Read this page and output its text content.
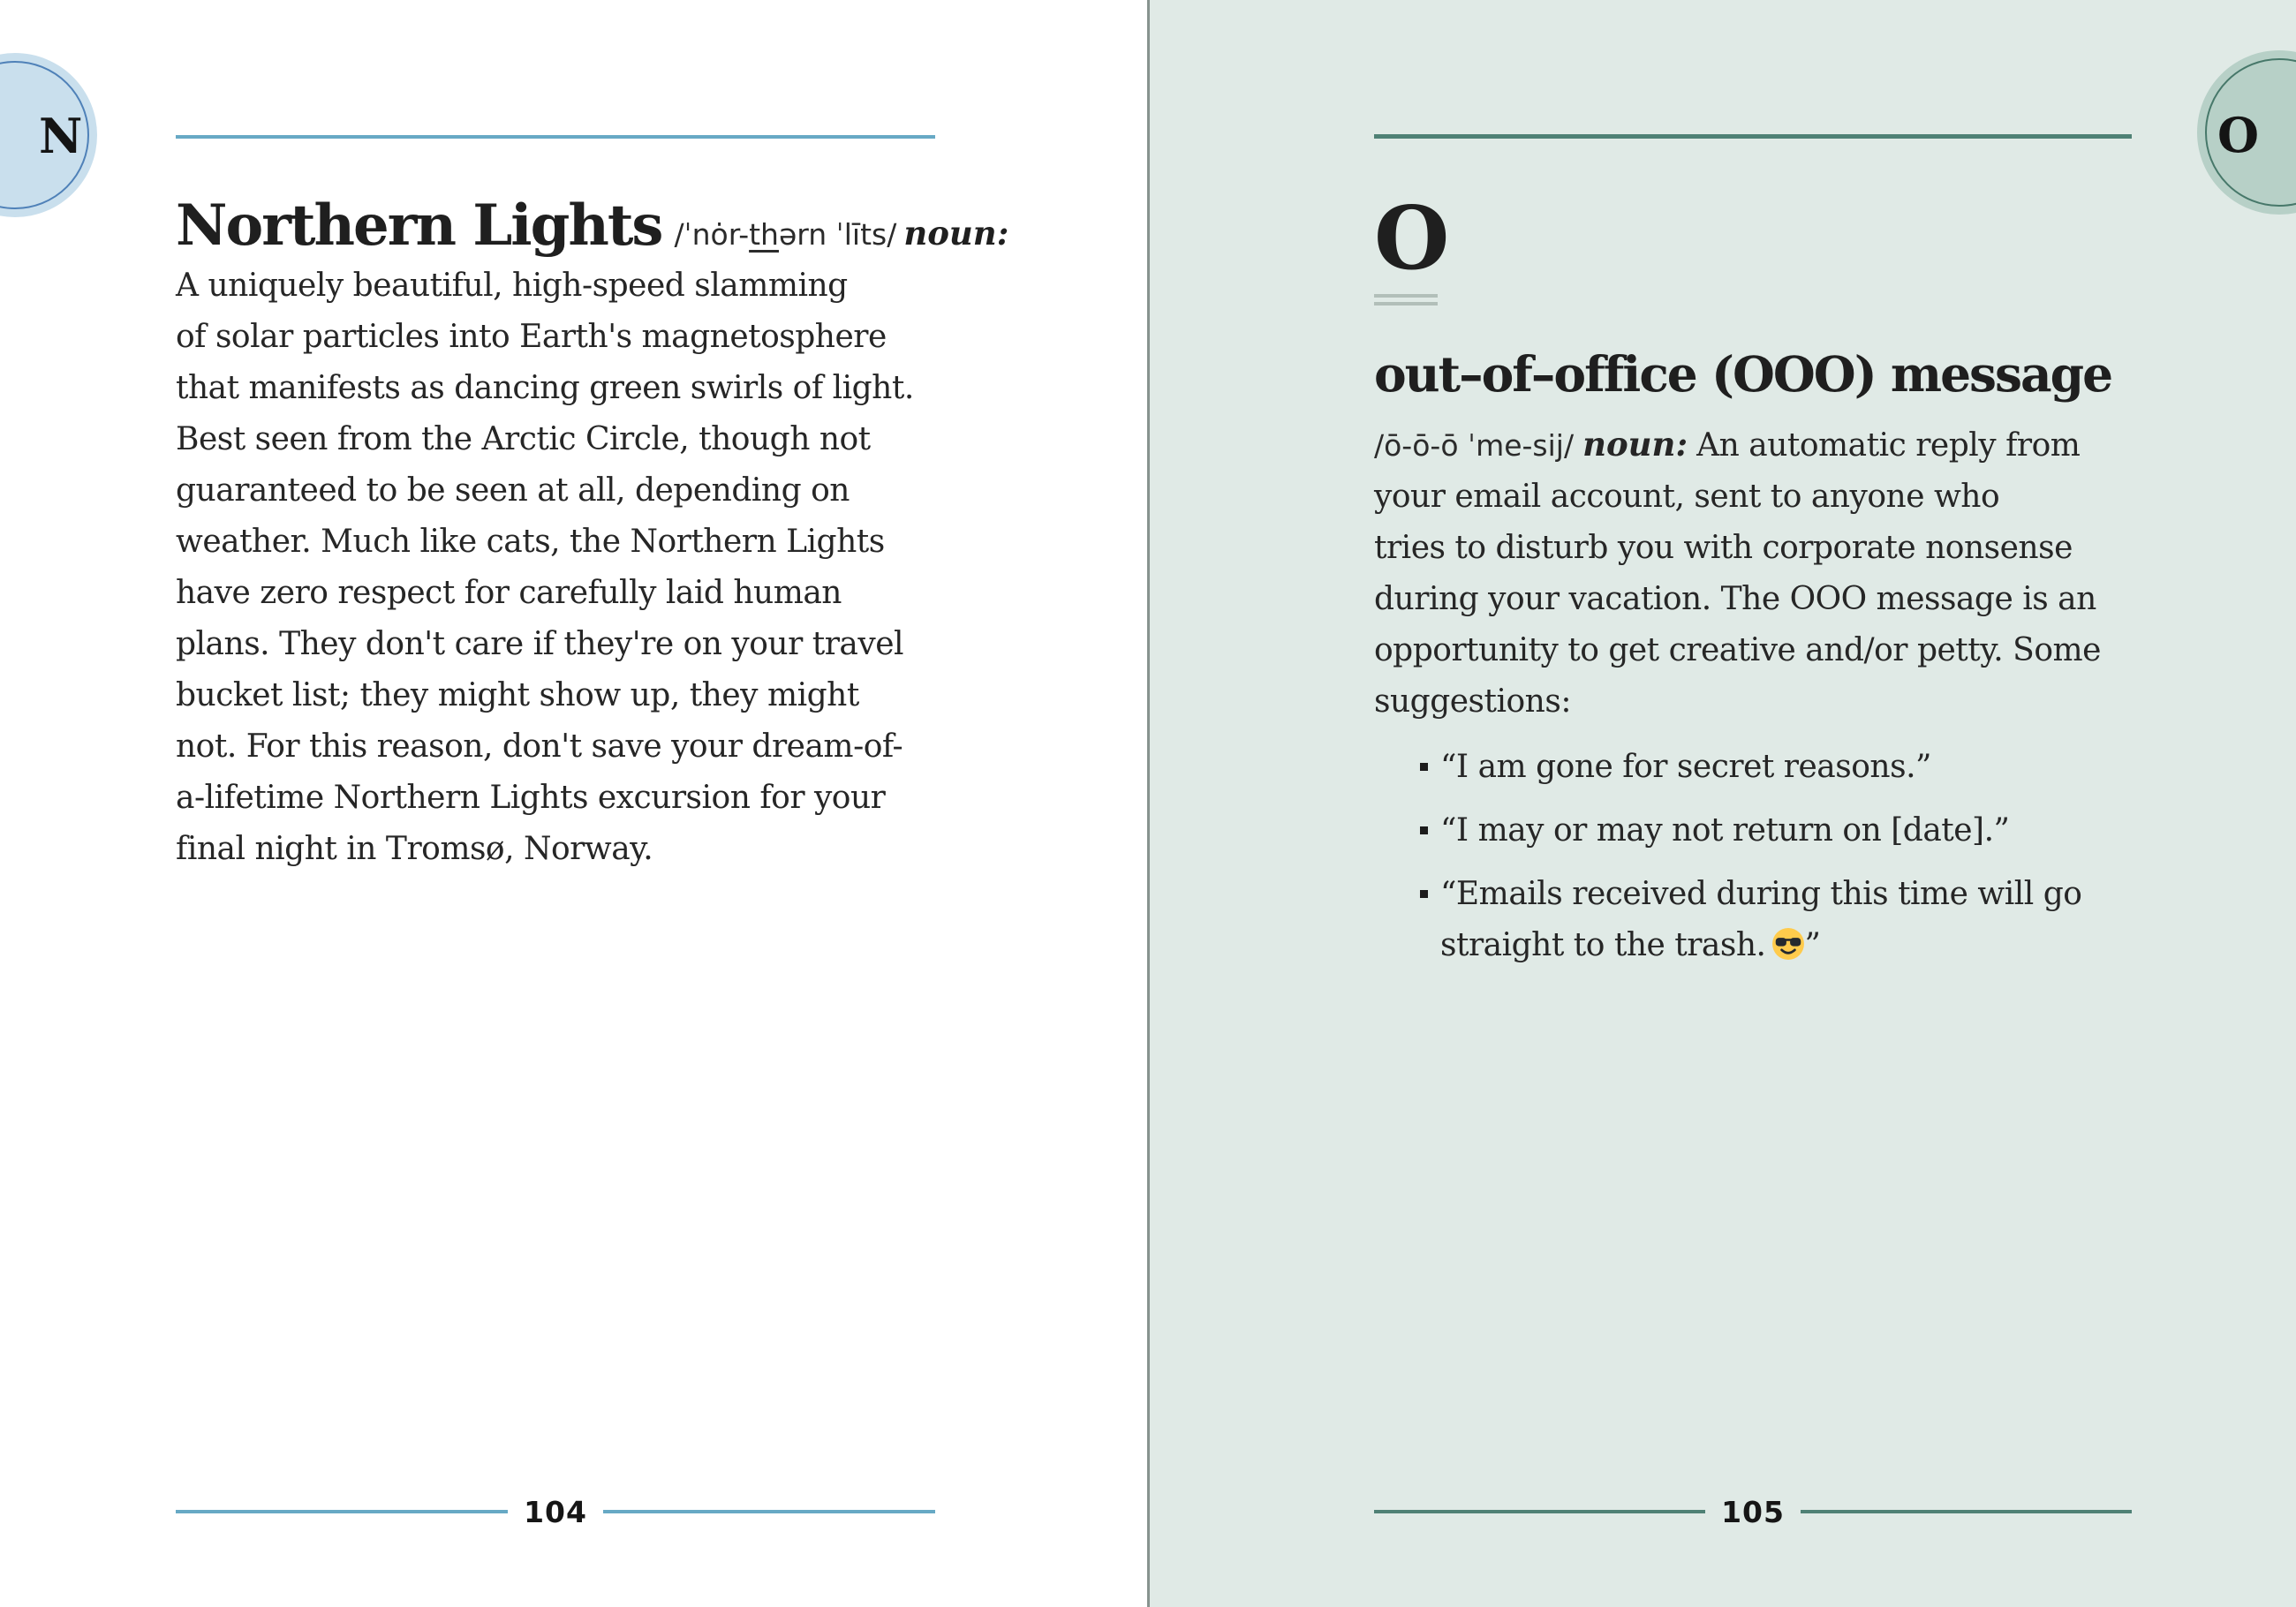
Northern Lights /ˈnȯr-thərn ˈlīts/ noun:
A uniquely beautiful, high-speed slamming
of solar particles into Earth's magnetosphere
that manifests as dancing green swirls of light.
Best seen from the Arctic Circle, though not
guaranteed to be seen at all, depending on
weather. Much like cats, the Northern Lights
have zero respect for carefully laid human
plans. They don't care if they're on your travel
bucket list; they might show up, they might
not. For this reason, don't save your dream-of-
a-lifetime Northern Lights excursion for your
final night in Tromsø, Norway.
104
N
O
out–of–office (OOO) message
/ō-ō-ō ˈme-sij/ noun: An automatic reply from
your email account, sent to anyone who
tries to disturb you with corporate nonsense
during your vacation. The OOO message is an
opportunity to get creative and/or petty. Some
suggestions:
“I am gone for secret reasons.”
“I may or may not return on [date].”
“Emails received during this time will go
straight to the trash. ”
105
O
